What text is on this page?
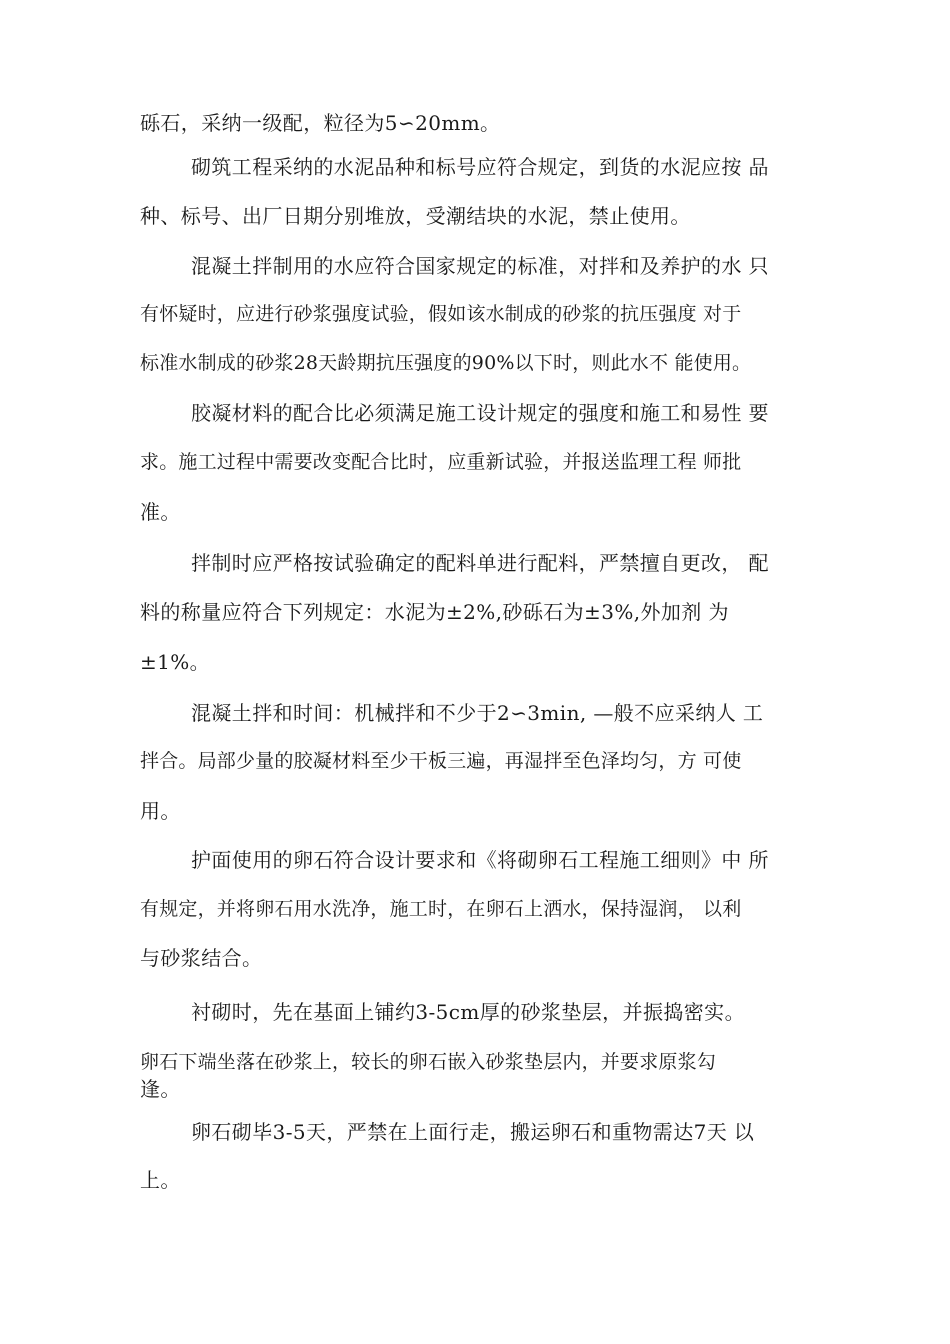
砾石，采纳一级配，粒径为5∽20mm。
砌筑工程采纳的水泥品种和标号应符合规定，到货的水泥应按 品
种、标号、出厂日期分别堆放，受潮结块的水泥，禁止使用。
混凝土拌制用的水应符合国家规定的标准，对拌和及养护的水 只
有怀疑时，应进行砂浆强度试验，假如该水制成的砂浆的抗压强度 对于
标准水制成的砂浆28天龄期抗压强度的90%以下时，则此水不 能使用。
胶凝材料的配合比必须满足施工设计规定的强度和施工和易性 要
求。施工过程中需要改变配合比时，应重新试验，并报送监理工程 师批
准。
拌制时应严格按试验确定的配料单进行配料，严禁擅自更改， 配
料的称量应符合下列规定：水泥为±2%,砂砾石为±3%,外加剂 为
±1%。
混凝土拌和时间：机械拌和不少于2∽3min, —般不应采纳人 工
拌合。局部少量的胶凝材料至少干板三遍，再湿拌至色泽均匀，方 可使
用。
护面使用的卵石符合设计要求和《将砌卵石工程施工细则》中 所
有规定，并将卵石用水洗净，施工时，在卵石上洒水，保持湿润， 以利
与砂浆结合。
衬砌时，先在基面上铺约3-5cm厚的砂浆垫层，并振捣密实。
卵石下端坐落在砂浆上，较长的卵石嵌入砂浆垫层内，并要求原浆勾
逢。
卵石砌毕3-5天，严禁在上面行走，搬运卵石和重物需达7天 以
上。
